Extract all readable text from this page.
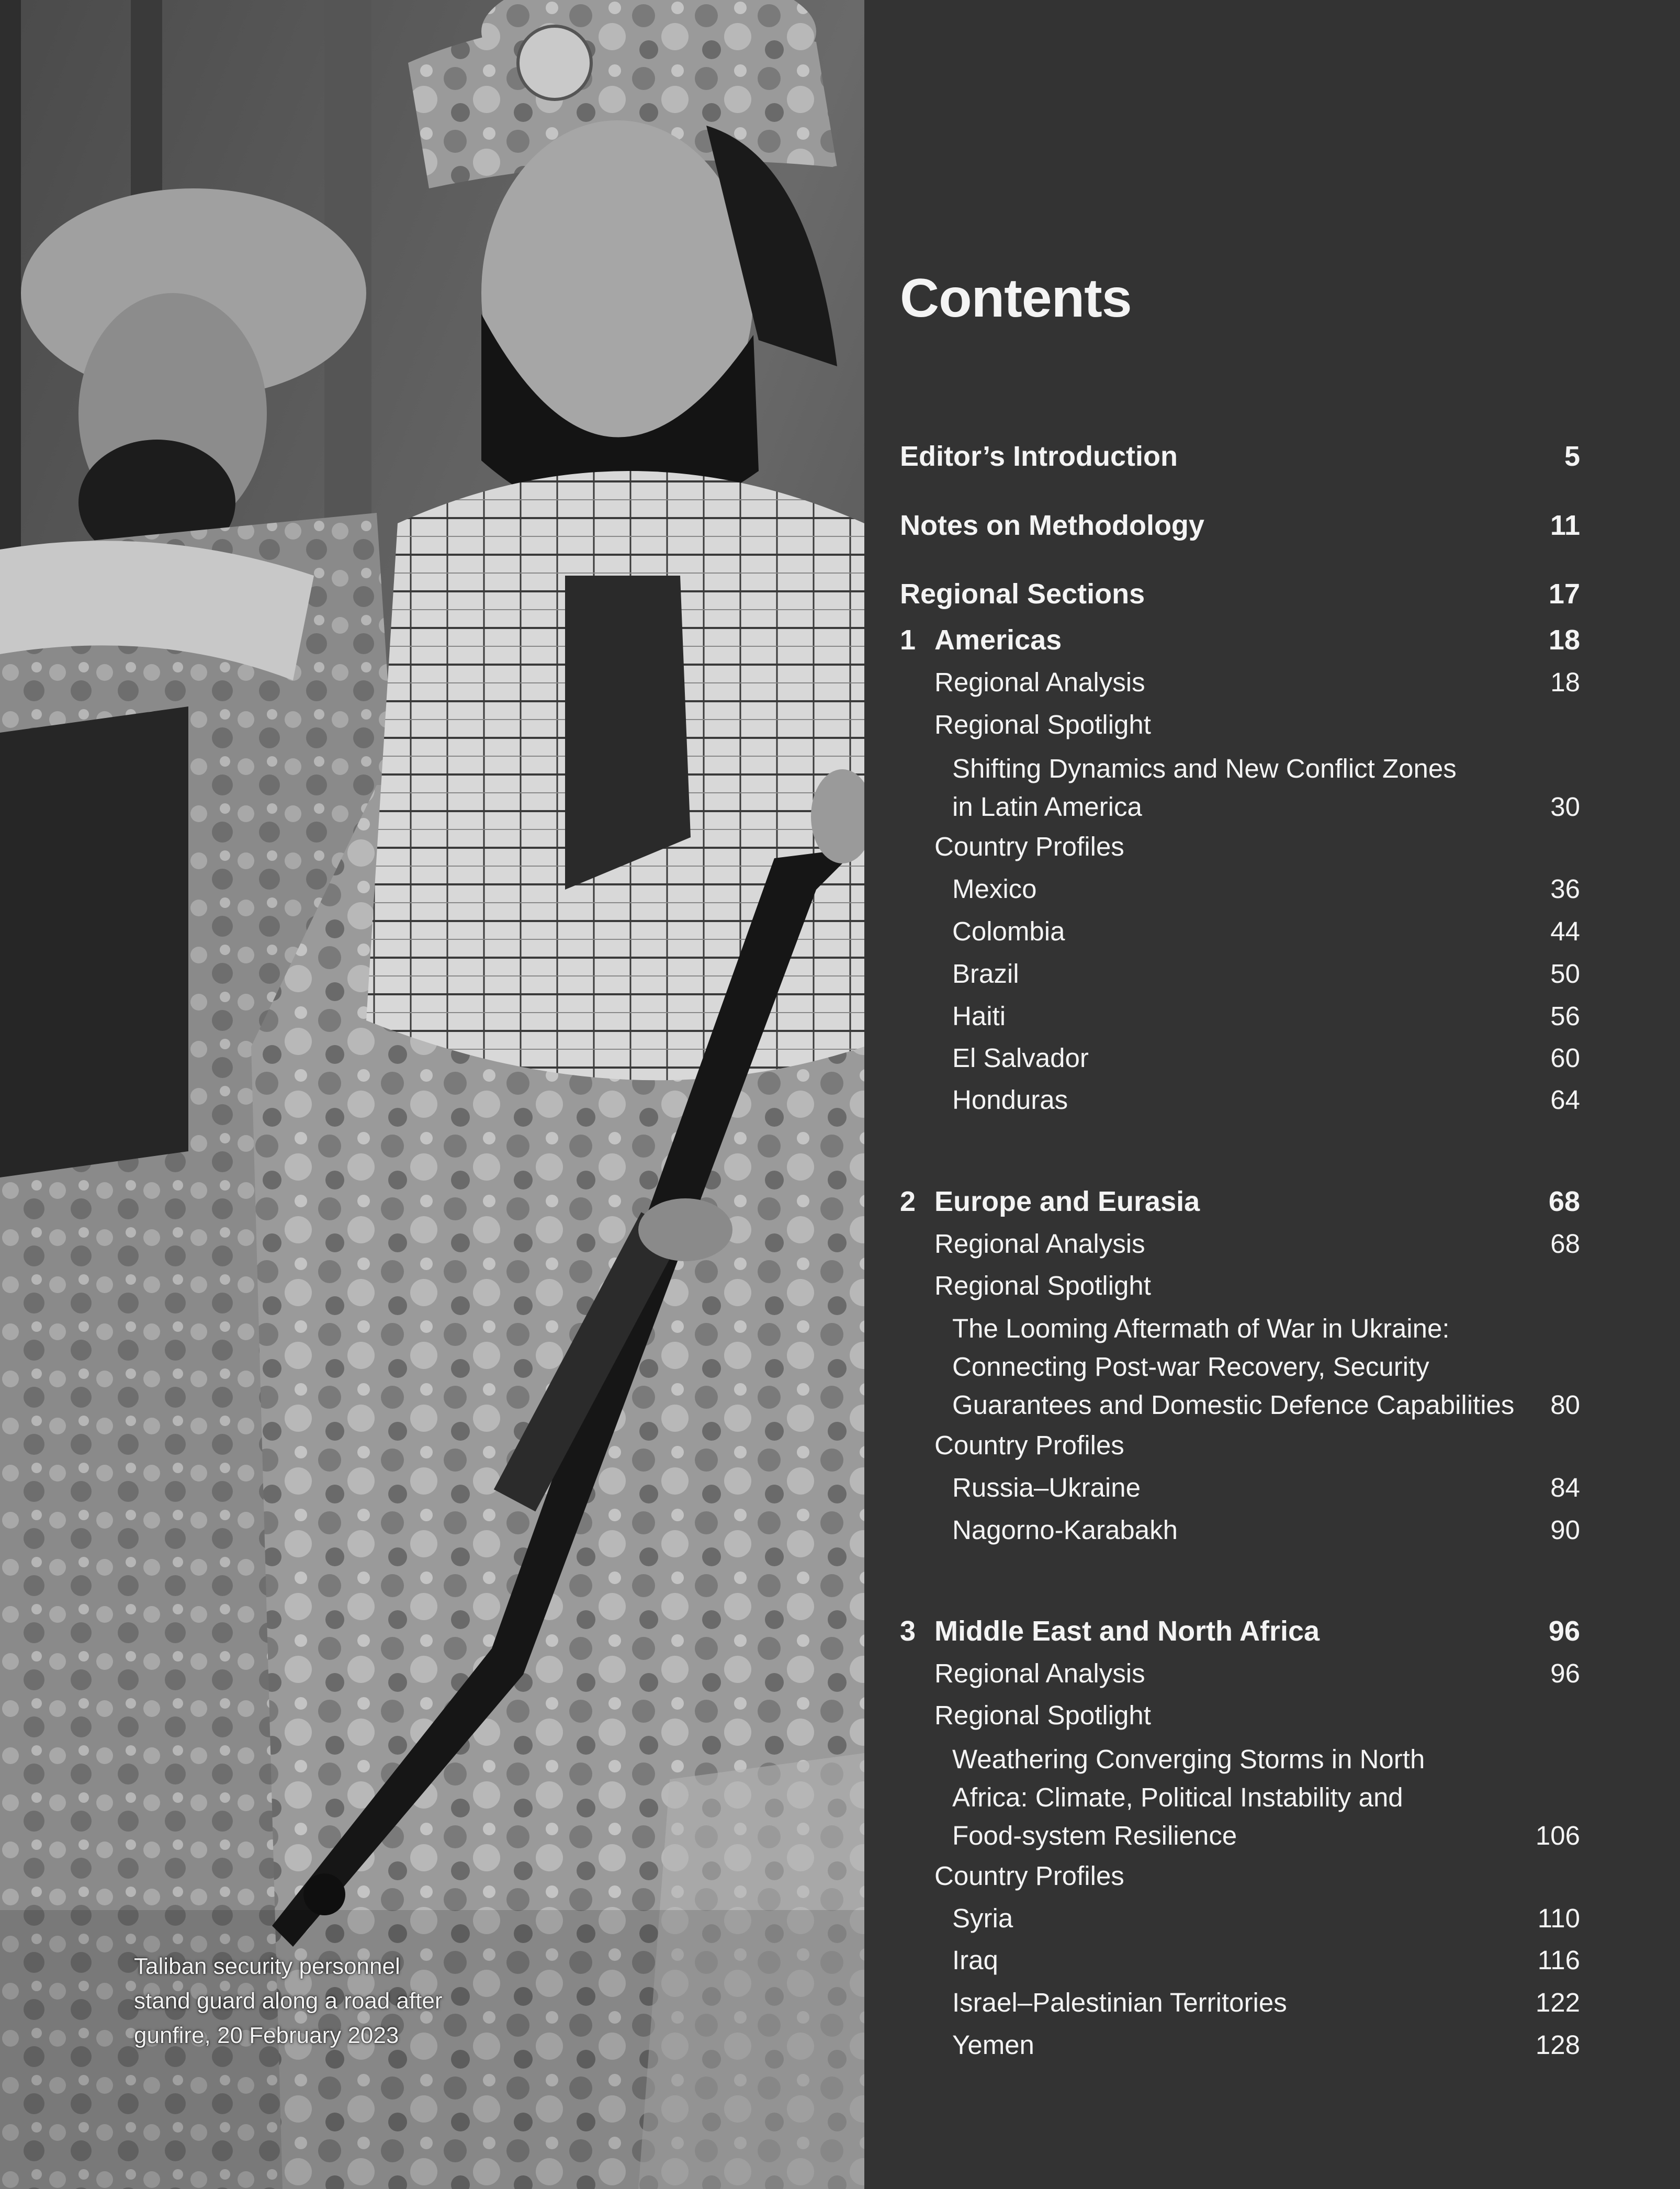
Taliban security personnel
stand guard along a road after
gunfire, 20 February 2023
Contents
Editor’s Introduction	5
Notes on Methodology	11
Regional Sections	17
1 Americas	18
Regional Analysis	18
Regional Spotlight
Shifting Dynamics and New Conflict Zones
in Latin America	30
Country Profiles
Mexico	36
Colombia	44
Brazil	50
Haiti	56
El Salvador	60
Honduras	64
2 Europe and Eurasia	68
Regional Analysis	68
Regional Spotlight
The Looming Aftermath of War in Ukraine:
Connecting Post-war Recovery, Security
Guarantees and Domestic Defence Capabilities 80
Country Profiles
Russia–Ukraine	84
Nagorno-Karabakh	90
3 Middle East and North Africa	96
Regional Analysis	96
Regional Spotlight
Weathering Converging Storms in North
Africa: Climate, Political Instability and
Food-system Resilience	106
Country Profiles
Syria	110
Iraq	116
Israel–Palestinian Territories	122
Yemen	128
